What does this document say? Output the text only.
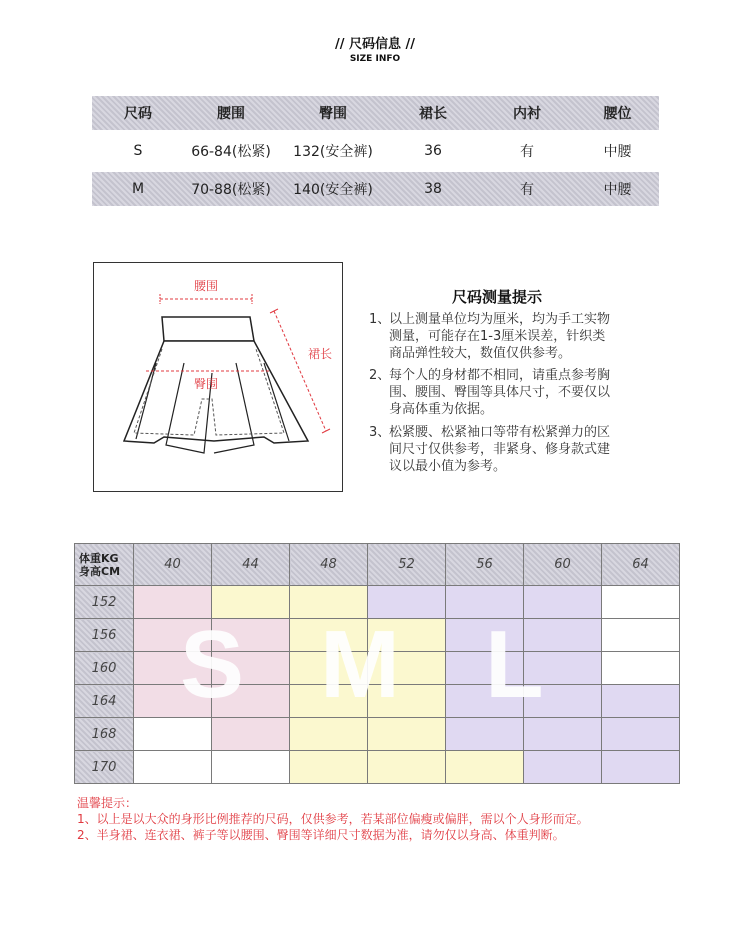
// 尺码信息 //
SIZE INFO
尺码	腰围	臀围	裙长	内衬	腰位
S	66-84(松紧)	132(安全裤)	36	有	中腰
M	70-88(松紧)	140(安全裤)	38	有	中腰
腰围
臀围
裙长
尺码测量提示
1、
以上测量单位均为厘米，均为手工实物
测量，可能存在1-3厘米误差，针织类
商品弹性较大，数值仅供参考。
2、
每个人的身材都不相同，请重点参考胸
围、腰围、臀围等具体尺寸，不要仅以
身高体重为依据。
3、
松紧腰、松紧袖口等带有松紧弹力的区
间尺寸仅供参考，非紧身、修身款式建
议以最小值为参考。
体重KG
身高CM	40	44	48	52	56	60	64
152							
156							
160							
164							
168							
170							
S M L
温馨提示：
1、以上是以大众的身形比例推荐的尺码，仅供参考，若某部位偏瘦或偏胖，需以个人身形而定。
2、半身裙、连衣裙、裤子等以腰围、臀围等详细尺寸数据为准，请勿仅以身高、体重判断。
